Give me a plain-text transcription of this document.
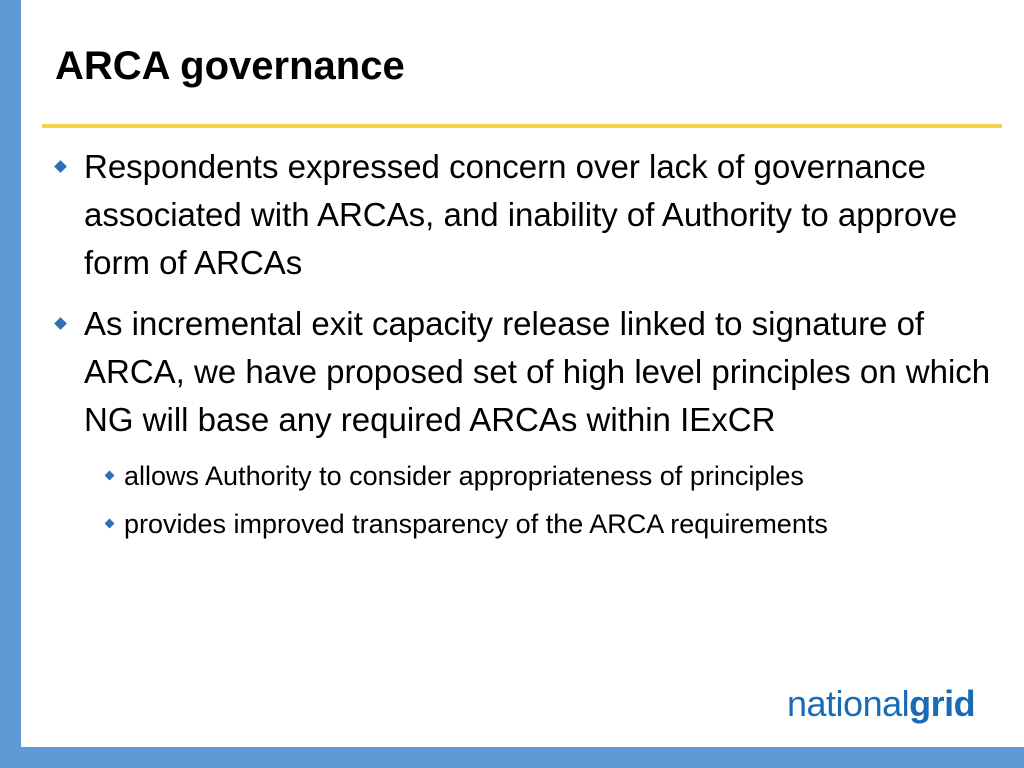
ARCA governance
Respondents expressed concern over lack of governance associated with ARCAs, and inability of Authority to approve form of ARCAs
As incremental exit capacity release linked to signature of ARCA, we have proposed set of high level principles on which NG will base any required ARCAs within IExCR
allows Authority to consider appropriateness of principles
provides improved transparency of the ARCA requirements
nationalgrid
